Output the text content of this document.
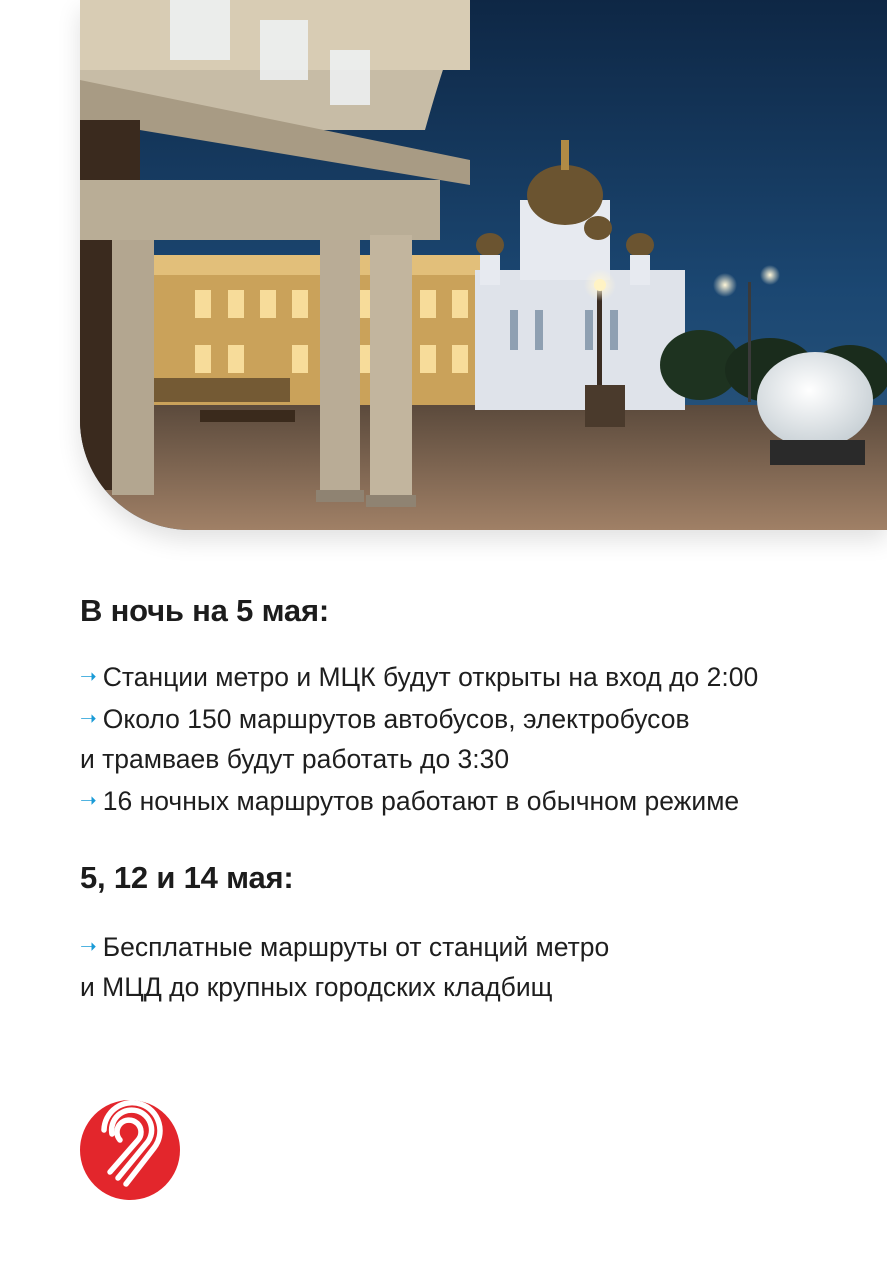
В ночь на 5 мая:

➝ Станции метро и МЦК будут открыты на вход до 2:00

➝ Около 150 маршрутов автобусов, электробусов

и трамваев будут работать до 3:30

➝ 16 ночных маршрутов работают в обычном режиме

5, 12 и 14 мая:

➝ Бесплатные маршруты от станций метро

и МЦД до крупных городских кладбищ
